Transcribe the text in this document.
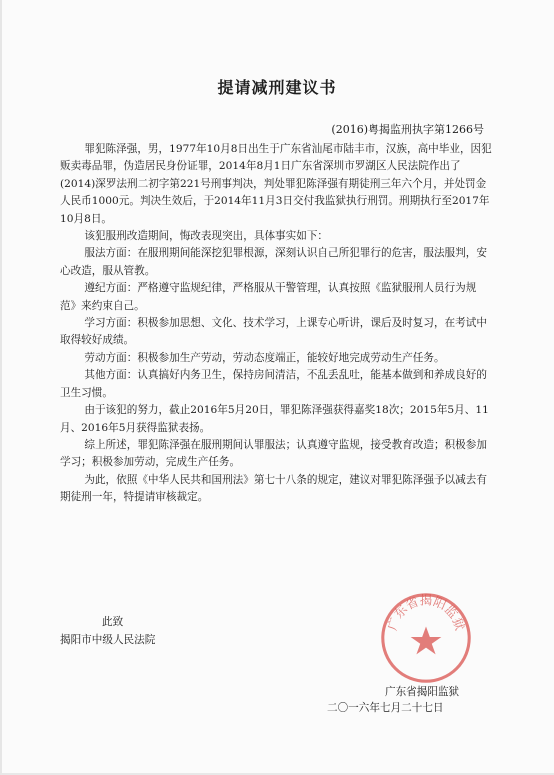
提请减刑建议书
(2016)粤揭监刑执字第1266号

罪犯陈泽强，男，1977年10月8日出生于广东省汕尾市陆丰市，汉族，高中毕业，因犯贩卖毒品罪，伪造居民身份证罪，2014年8月1日广东省深圳市罗湖区人民法院作出了(2014)深罗法刑二初字第221号刑事判决，判处罪犯陈泽强有期徒刑三年六个月，并处罚金人民币1000元。判决生效后，于2014年11月3日交付我监狱执行刑罚。刑期执行至2017年10月8日。

该犯服刑改造期间，悔改表现突出，具体事实如下：

服法方面：在服刑期间能深挖犯罪根源，深刻认识自己所犯罪行的危害，服法服判，安心改造，服从管教。

遵纪方面：严格遵守监规纪律，严格服从干警管理，认真按照《监狱服刑人员行为规范》来约束自己。

学习方面：积极参加思想、文化、技术学习，上课专心听讲，课后及时复习，在考试中取得较好成绩。

劳动方面：积极参加生产劳动，劳动态度端正，能较好地完成劳动生产任务。

其他方面：认真搞好内务卫生，保持房间清洁，不乱丢乱吐，能基本做到和养成良好的卫生习惯。

由于该犯的努力，截止2016年5月20日，罪犯陈泽强获得嘉奖18次；2015年5月、11月、2016年5月获得监狱表扬。

综上所述，罪犯陈泽强在服刑期间认罪服法；认真遵守监规，接受教育改造；积极参加学习；积极参加劳动，完成生产任务。

为此，依照《中华人民共和国刑法》第七十八条的规定，建议对罪犯陈泽强予以减去有期徒刑一年，特提请审核裁定。

此致
揭阳市中级人民法院
广东省揭阳监狱
广东省揭阳监狱
二〇一六年七月二十七日
